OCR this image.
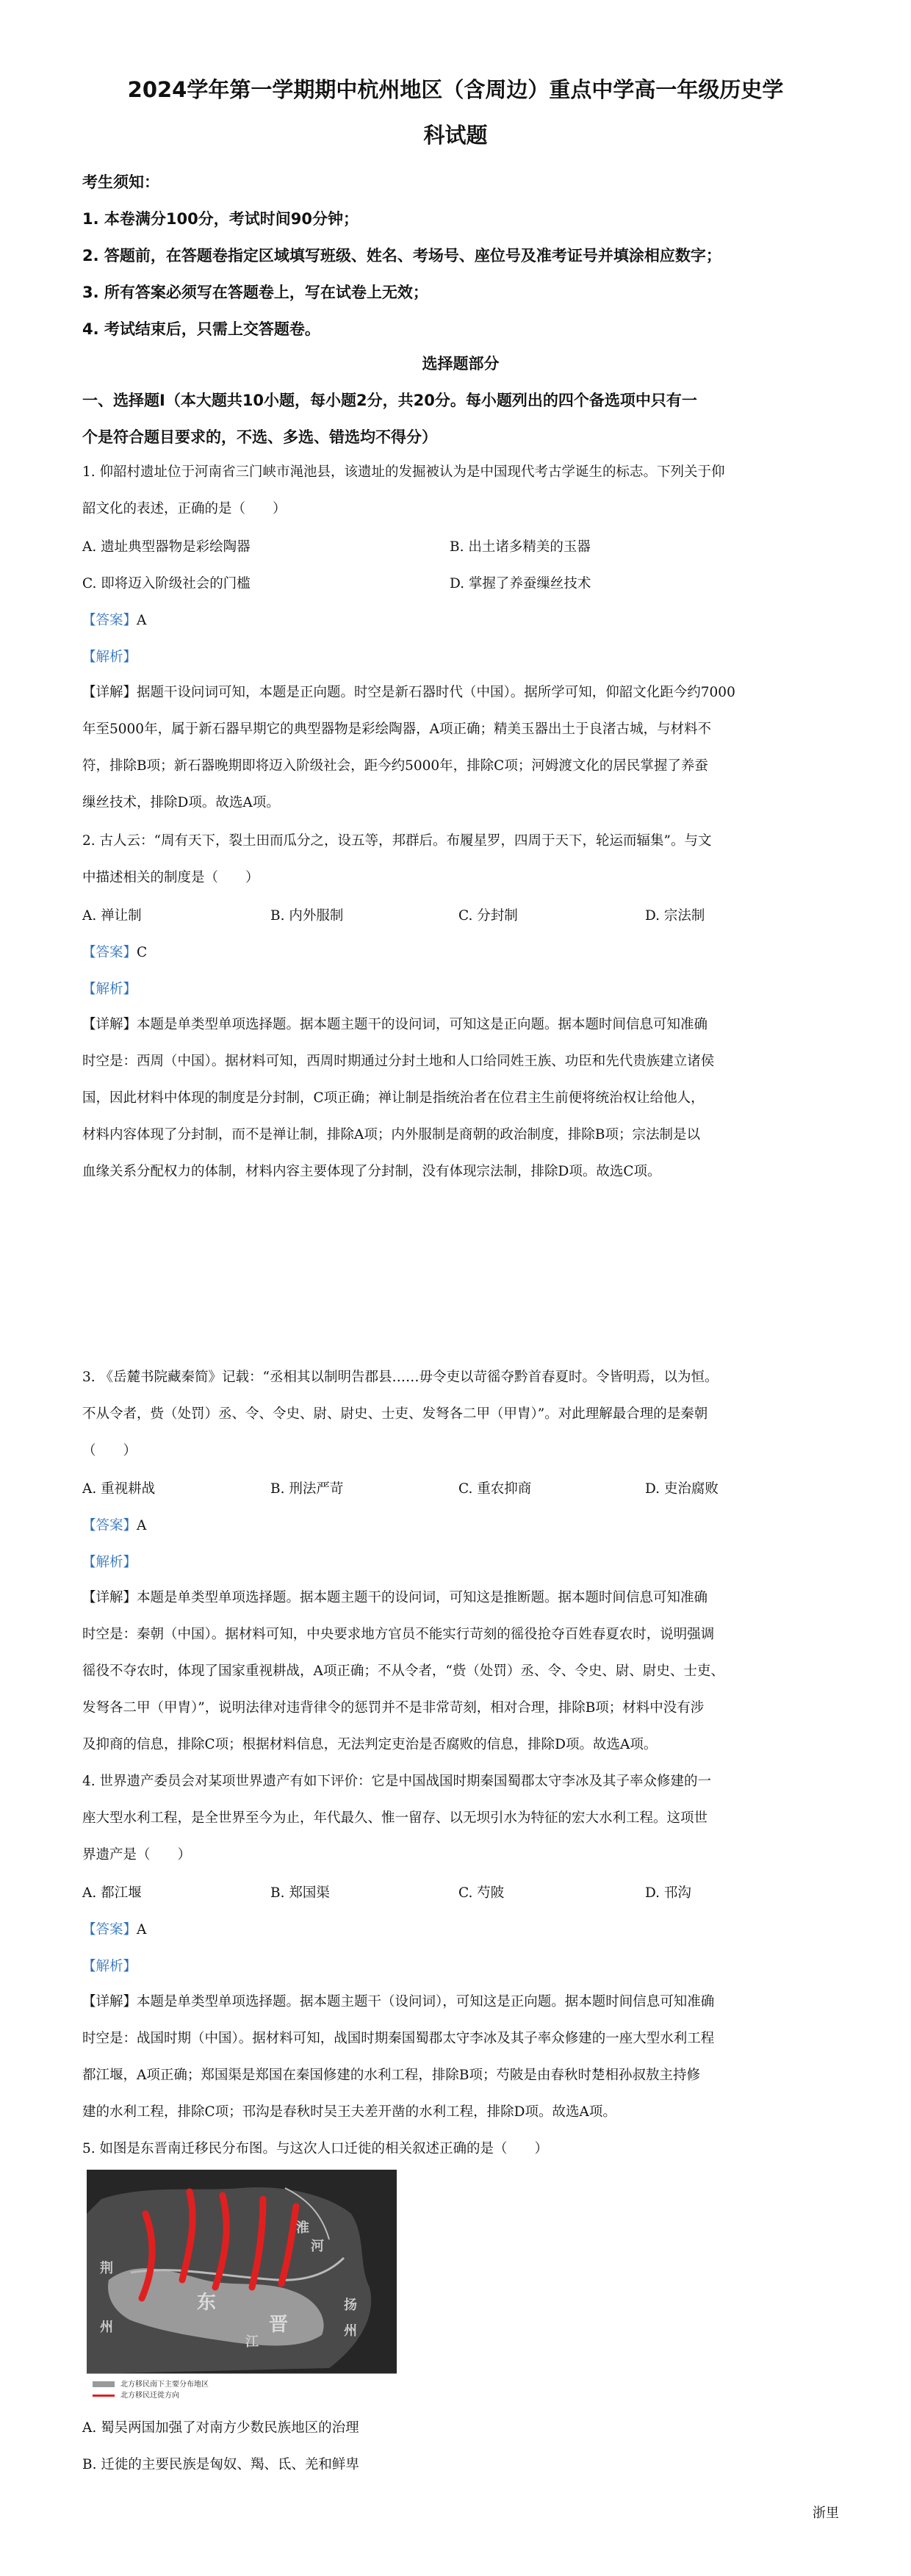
2024学年第一学期期中杭州地区（含周边）重点中学高一年级历史学
科试题
考生须知：
1. 本卷满分100分，考试时间90分钟；
2. 答题前，在答题卷指定区域填写班级、姓名、考场号、座位号及准考证号并填涂相应数字；
3. 所有答案必须写在答题卷上，写在试卷上无效；
4. 考试结束后，只需上交答题卷。
选择题部分
一、选择题Ⅰ（本大题共10小题，每小题2分，共20分。每小题列出的四个备选项中只有一
个是符合题目要求的，不选、多选、错选均不得分）
1. 仰韶村遗址位于河南省三门峡市渑池县，该遗址的发掘被认为是中国现代考古学诞生的标志。下列关于仰
韶文化的表述，正确的是（　　）
A. 遗址典型器物是彩绘陶器	B. 出土诸多精美的玉器
C. 即将迈入阶级社会的门槛	D. 掌握了养蚕缫丝技术
【答案】A
【解析】
【详解】据题干设问词可知，本题是正向题。时空是新石器时代（中国）。据所学可知，仰韶文化距今约7000
年至5000年，属于新石器早期它的典型器物是彩绘陶器，A项正确；精美玉器出土于良渚古城，与材料不
符，排除B项；新石器晚期即将迈入阶级社会，距今约5000年，排除C项；河姆渡文化的居民掌握了养蚕
缫丝技术，排除D项。故选A项。
2. 古人云：“周有天下，裂土田而瓜分之，设五等，邦群后。布履星罗，四周于天下，轮运而辐集”。与文
中描述相关的制度是（　　）
A. 禅让制	B. 内外服制	C. 分封制	D. 宗法制
【答案】C
【解析】
【详解】本题是单类型单项选择题。据本题主题干的设问词，可知这是正向题。据本题时间信息可知准确
时空是：西周（中国）。据材料可知，西周时期通过分封土地和人口给同姓王族、功臣和先代贵族建立诸侯
国，因此材料中体现的制度是分封制，C项正确；禅让制是指统治者在位君主生前便将统治权让给他人，
材料内容体现了分封制，而不是禅让制，排除A项；内外服制是商朝的政治制度，排除B项；宗法制是以
血缘关系分配权力的体制，材料内容主要体现了分封制，没有体现宗法制，排除D项。故选C项。
3. 《岳麓书院藏秦简》记载：“丞相其以制明告郡县……毋令吏以苛徭夺黔首春夏时。令皆明焉，以为恒。
不从令者，赀（处罚）丞、令、令史、尉、尉史、士吏、发弩各二甲（甲胄）”。对此理解最合理的是秦朝
（　　）
A. 重视耕战	B. 刑法严苛	C. 重农抑商	D. 吏治腐败
【答案】A
【解析】
【详解】本题是单类型单项选择题。据本题主题干的设问词，可知这是推断题。据本题时间信息可知准确
时空是：秦朝（中国）。据材料可知，中央要求地方官员不能实行苛刻的徭役抢夺百姓春夏农时，说明强调
徭役不夺农时，体现了国家重视耕战，A项正确；不从令者，“赀（处罚）丞、令、令史、尉、尉史、士吏、
发弩各二甲（甲胄）”，说明法律对违背律令的惩罚并不是非常苛刻，相对合理，排除B项；材料中没有涉
及抑商的信息，排除C项；根据材料信息，无法判定吏治是否腐败的信息，排除D项。故选A项。
4. 世界遗产委员会对某项世界遗产有如下评价：它是中国战国时期秦国蜀郡太守李冰及其子率众修建的一
座大型水利工程，是全世界至今为止，年代最久、惟一留存、以无坝引水为特征的宏大水利工程。这项世
界遗产是（　　）
A. 都江堰	B. 郑国渠	C. 芍陂	D. 邗沟
【答案】A
【解析】
【详解】本题是单类型单项选择题。据本题主题干（设问词），可知这是正向题。据本题时间信息可知准确
时空是：战国时期（中国）。据材料可知，战国时期秦国蜀郡太守李冰及其子率众修建的一座大型水利工程
都江堰，A项正确；郑国渠是郑国在秦国修建的水利工程，排除B项；芍陂是由春秋时楚相孙叔敖主持修
建的水利工程，排除C项；邗沟是春秋时吴王夫差开凿的水利工程，排除D项。故选A项。
5. 如图是东晋南迁移民分布图。与这次人口迁徙的相关叙述正确的是（　　）
东
晋
荆
州
江
扬
州
淮
河
北方移民南下主要分布地区
北方移民迁徙方向
A. 蜀吴两国加强了对南方少数民族地区的治理
B. 迁徙的主要民族是匈奴、羯、氐、羌和鲜卑
浙里
